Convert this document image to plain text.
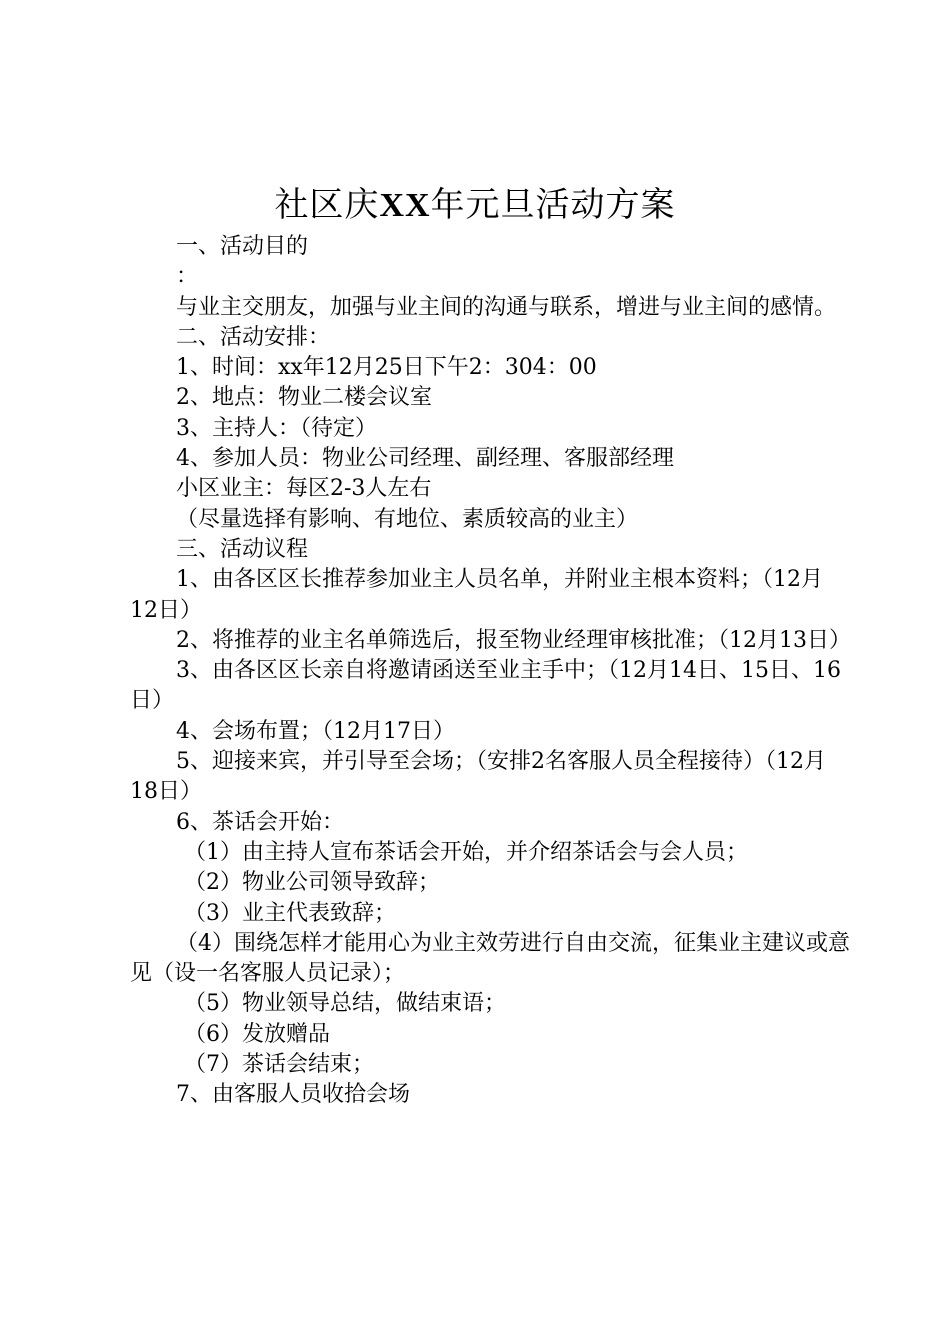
社区庆XX年元旦活动方案

一、活动目的

：

与业主交朋友，加强与业主间的沟通与联系，增进与业主间的感情。

二、活动安排：

1、时间：xx年12月25日下午2：304：00

2、地点：物业二楼会议室

3、主持人：（待定）

4、参加人员：物业公司经理、副经理、客服部经理

小区业主：每区2-3人左右

（尽量选择有影响、有地位、素质较高的业主）

三、活动议程

1、由各区区长推荐参加业主人员名单，并附业主根本资料；（12月12日）

2、将推荐的业主名单筛选后，报至物业经理审核批准；（12月13日）

3、由各区区长亲自将邀请函送至业主手中；（12月14日、15日、16日）

4、会场布置；（12月17日）

5、迎接来宾，并引导至会场；（安排2名客服人员全程接待）（12月18日）

6、茶话会开始：

（1）由主持人宣布茶话会开始，并介绍茶话会与会人员；

（2）物业公司领导致辞；

（3）业主代表致辞；

（4）围绕怎样才能用心为业主效劳进行自由交流，征集业主建议或意见（设一名客服人员记录）；

（5）物业领导总结，做结束语；

（6）发放赠品

（7）茶话会结束；

7、由客服人员收拾会场
